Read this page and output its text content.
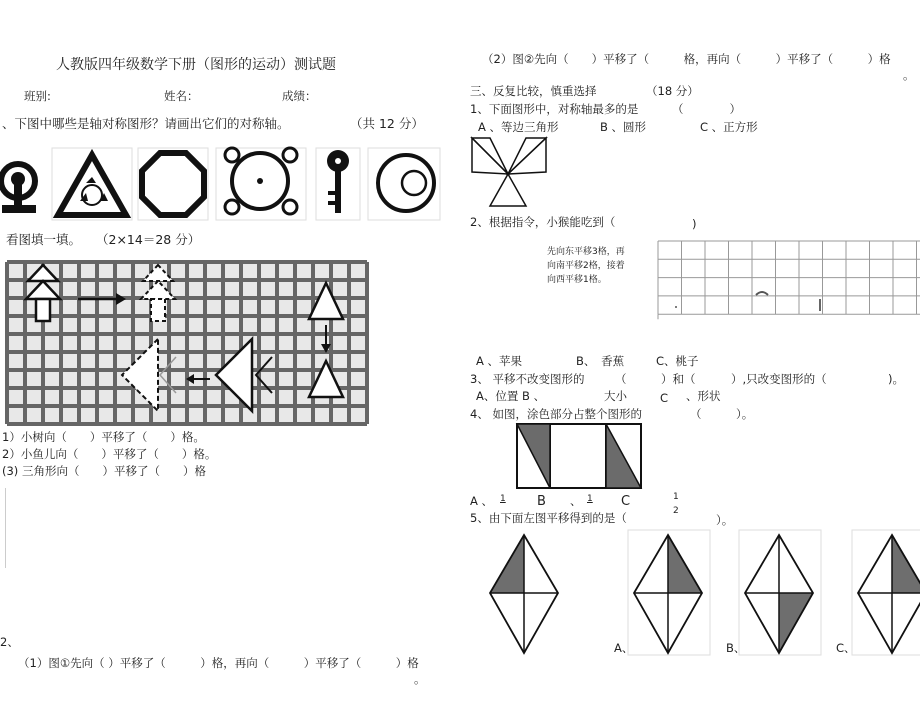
人教版四年级数学下册（图形的运动）测试题
班别:	姓名：	成绩：
、下图中哪些是轴对称图形？请画出它们的对称轴。	（共 12 分）
看图填一填。 （2×14＝28 分）
1）小树向（　　）平移了（　　）格。
2）小鱼儿向（　　）平移了（　　）格。
(3) 三角形向（　　）平移了（　　）格
2、
（1）图①先向（ ）平移了（　　　）格，再向（　　　）平移了（　　　）格
。
（2）图②先向（　　）平移了（　　　格，再向（　　　）平移了（　　　）格
。
三、反复比较，慎重选择	（18 分）
1、下面图形中，对称轴最多的是	（　　　　）
A 、等边三角形	B 、圆形	C 、正方形
2、根据指令，小猴能吃到（	)
先向东平移3格，再
向南平移2格，接着
向西平移1格。
A 、苹果	B、　香蕉	C、桃子
3、 平移不改变图形的	（　　　）和（	）,只改变图形的（　　　　 )。
A、位置 B 、	大小	C 、形状
4、 如图，涂色部分占整个图形的	（　　　）。
A 、 1 B 、 1 C	1
2
5、由下面左图平移得到的是（	）。
A、	B、	C、
